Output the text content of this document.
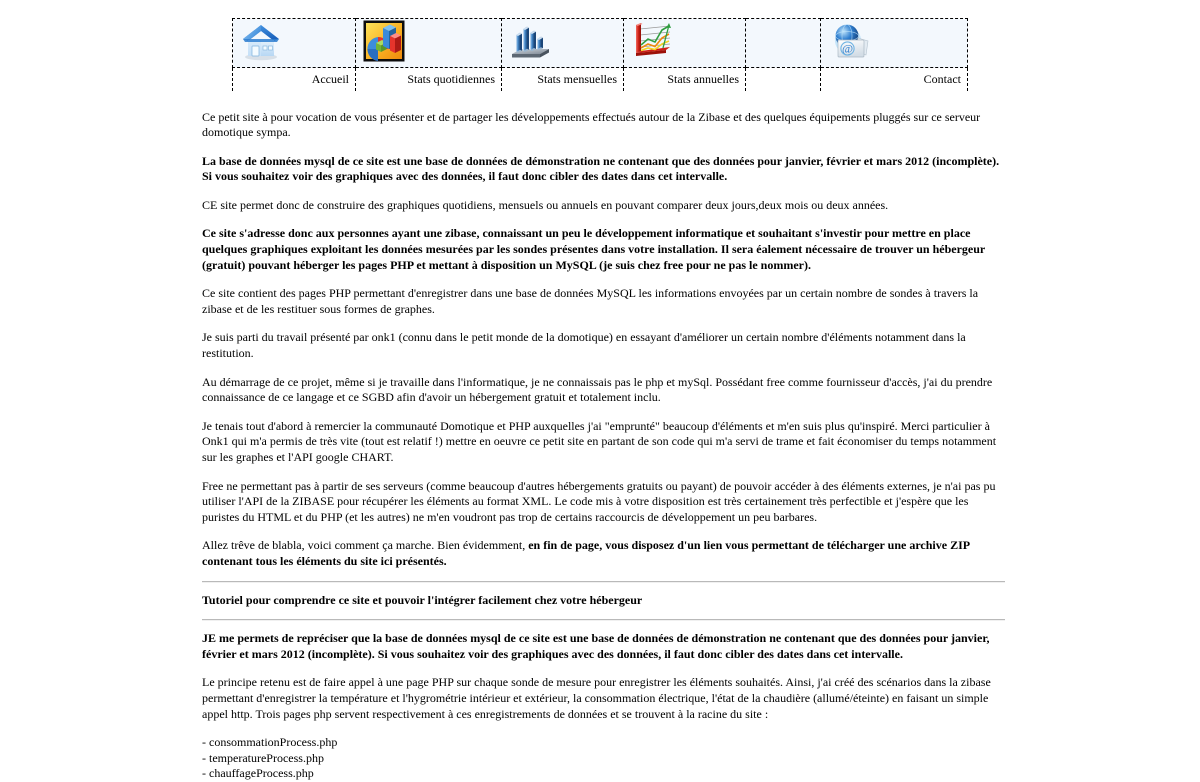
@

Accueil	Stats quotidiennes	Stats mensuelles	Stats annuelles		Contact

Ce petit site à pour vocation de vous présenter et de partager les développements effectués autour de la Zibase et des quelques équipements pluggés sur ce serveur domotique sympa.

La base de données mysql de ce site est une base de données de démonstration ne contenant que des données pour janvier, février et mars 2012 (incomplète). Si vous souhaitez voir des graphiques avec des données, il faut donc cibler des dates dans cet intervalle.

CE site permet donc de construire des graphiques quotidiens, mensuels ou annuels en pouvant comparer deux jours,deux mois ou deux années.

Ce site s'adresse donc aux personnes ayant une zibase, connaissant un peu le développement informatique et souhaitant s'investir pour mettre en place quelques graphiques exploitant les données mesurées par les sondes présentes dans votre installation. Il sera éalement nécessaire de trouver un hébergeur (gratuit) pouvant héberger les pages PHP et mettant à disposition un MySQL (je suis chez free pour ne pas le nommer).

Ce site contient des pages PHP permettant d'enregistrer dans une base de données MySQL les informations envoyées par un certain nombre de sondes à travers la zibase et de les restituer sous formes de graphes.

Je suis parti du travail présenté par onk1 (connu dans le petit monde de la domotique) en essayant d'améliorer un certain nombre d'éléments notamment dans la restitution.

Au démarrage de ce projet, même si je travaille dans l'informatique, je ne connaissais pas le php et mySql. Possédant free comme fournisseur d'accès, j'ai du prendre connaissance de ce langage et ce SGBD afin d'avoir un hébergement gratuit et totalement inclu.

Je tenais tout d'abord à remercier la communauté Domotique et PHP auxquelles j'ai "emprunté" beaucoup d'éléments et m'en suis plus qu'inspiré. Merci particulier à Onk1 qui m'a permis de très vite (tout est relatif !) mettre en oeuvre ce petit site en partant de son code qui m'a servi de trame et fait économiser du temps notamment sur les graphes et l'API google CHART.

Free ne permettant pas à partir de ses serveurs (comme beaucoup d'autres hébergements gratuits ou payant) de pouvoir accéder à des éléments externes, je n'ai pas pu utiliser l'API de la ZIBASE pour récupérer les éléments au format XML. Le code mis à votre disposition est très certainement très perfectible et j'espère que les puristes du HTML et du PHP (et les autres) ne m'en voudront pas trop de certains raccourcis de développement un peu barbares.

Allez trêve de blabla, voici comment ça marche. Bien évidemment, en fin de page, vous disposez d'un lien vous permettant de télécharger une archive ZIP contenant tous les éléments du site ici présentés.

Tutoriel pour comprendre ce site et pouvoir l'intégrer facilement chez votre hébergeur

JE me permets de repréciser que la base de données mysql de ce site est une base de données de démonstration ne contenant que des données pour janvier, février et mars 2012 (incomplète). Si vous souhaitez voir des graphiques avec des données, il faut donc cibler des dates dans cet intervalle.

Le principe retenu est de faire appel à une page PHP sur chaque sonde de mesure pour enregistrer les éléments souhaités. Ainsi, j'ai créé des scénarios dans la zibase permettant d'enregistrer la température et l'hygrométrie intérieur et extérieur, la consommation électrique, l'état de la chaudière (allumé/éteinte) en faisant un simple appel http. Trois pages php servent respectivement à ces enregistrements de données et se trouvent à la racine du site :

- consommationProcess.php

- temperatureProcess.php

- chauffageProcess.php
